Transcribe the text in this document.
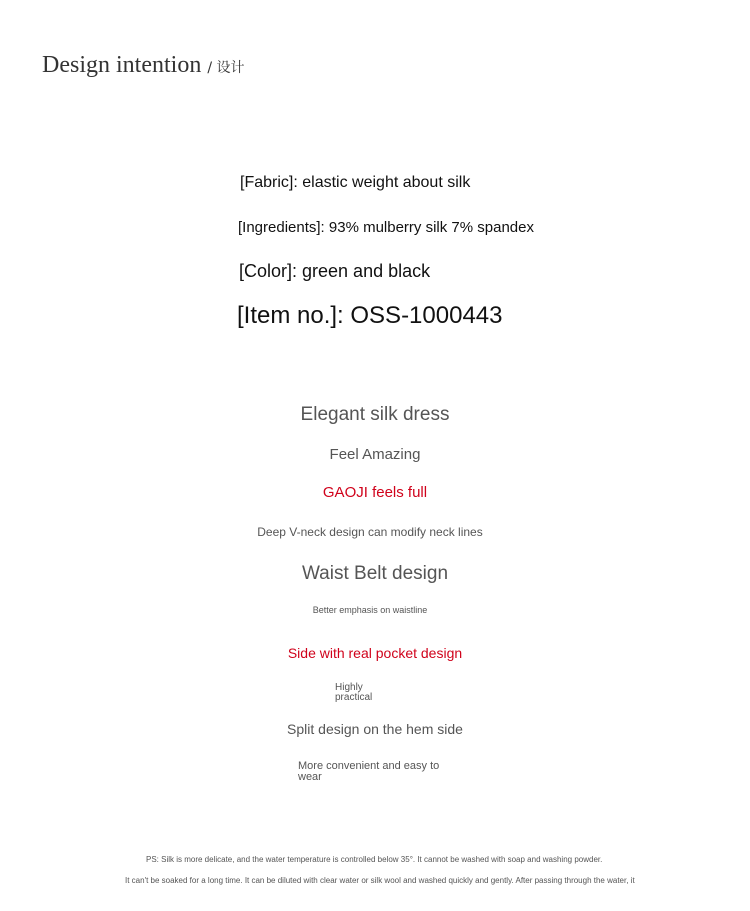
Design intention / 设计
[Fabric]: elastic weight about silk
[Ingredients]: 93% mulberry silk 7% spandex
[Color]: green and black
[Item no.]: OSS-1000443
Elegant silk dress
Feel Amazing
GAOJI feels full
Deep V-neck design can modify neck lines
Waist Belt design
Better emphasis on waistline
Side with real pocket design
Highly practical
Split design on the hem side
More convenient and easy to wear
PS: Silk is more delicate, and the water temperature is controlled below 35°. It cannot be washed with soap and washing powder.
It can't be soaked for a long time. It can be diluted with clear water or silk wool and washed quickly and gently. After passing through the water, it
